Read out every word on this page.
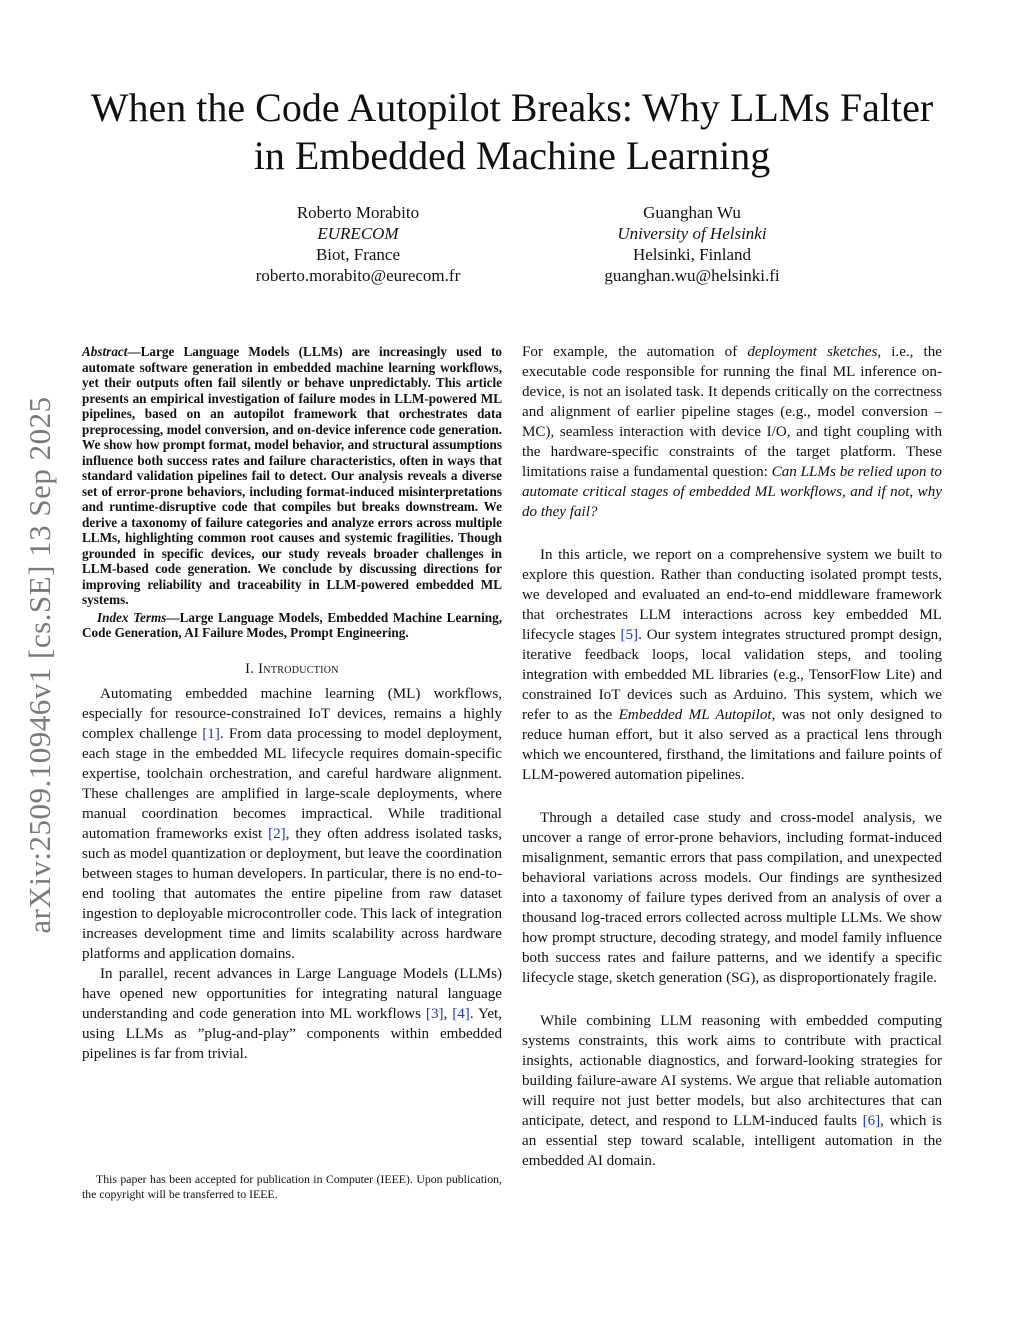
When the Code Autopilot Breaks: Why LLMs Falter in Embedded Machine Learning
Roberto Morabito
EURECOM
Biot, France
roberto.morabito@eurecom.fr
Guanghan Wu
University of Helsinki
Helsinki, Finland
guanghan.wu@helsinki.fi
arXiv:2509.10946v1 [cs.SE] 13 Sep 2025

Abstract—Large Language Models (LLMs) are increasingly used to automate software generation in embedded machine learning workflows, yet their outputs often fail silently or behave unpredictably. This article presents an empirical investigation of failure modes in LLM-powered ML pipelines, based on an autopilot framework that orchestrates data preprocessing, model conversion, and on-device inference code generation. We show how prompt format, model behavior, and structural assumptions influence both success rates and failure characteristics, often in ways that standard validation pipelines fail to detect. Our analysis reveals a diverse set of error-prone behaviors, including format-induced misinterpretations and runtime-disruptive code that compiles but breaks downstream. We derive a taxonomy of failure categories and analyze errors across multiple LLMs, highlighting common root causes and systemic fragilities. Though grounded in specific devices, our study reveals broader challenges in LLM-based code generation. We conclude by discussing directions for improving reliability and traceability in LLM-powered embedded ML systems.

Index Terms—Large Language Models, Embedded Machine Learning, Code Generation, AI Failure Modes, Prompt Engineering.

I. Introduction

Automating embedded machine learning (ML) workflows, especially for resource-constrained IoT devices, remains a highly complex challenge [1]. From data processing to model deployment, each stage in the embedded ML lifecycle requires domain-specific expertise, toolchain orchestration, and careful hardware alignment. These challenges are amplified in large-scale deployments, where manual coordination becomes impractical. While traditional automation frameworks exist [2], they often address isolated tasks, such as model quantization or deployment, but leave the coordination between stages to human developers. In particular, there is no end-to-end tooling that automates the entire pipeline from raw dataset ingestion to deployable microcontroller code. This lack of integration increases development time and limits scalability across hardware platforms and application domains.

In parallel, recent advances in Large Language Models (LLMs) have opened new opportunities for integrating natural language understanding and code generation into ML workflows [3], [4]. Yet, using LLMs as ”plug-and-play” components within embedded pipelines is far from trivial.

This paper has been accepted for publication in Computer (IEEE). Upon publication, the copyright will be transferred to IEEE.

For example, the automation of deployment sketches, i.e., the executable code responsible for running the final ML inference on-device, is not an isolated task. It depends critically on the correctness and alignment of earlier pipeline stages (e.g., model conversion – MC), seamless interaction with device I/O, and tight coupling with the hardware-specific constraints of the target platform. These limitations raise a fundamental question: Can LLMs be relied upon to automate critical stages of embedded ML workflows, and if not, why do they fail?

In this article, we report on a comprehensive system we built to explore this question. Rather than conducting isolated prompt tests, we developed and evaluated an end-to-end middleware framework that orchestrates LLM interactions across key embedded ML lifecycle stages [5]. Our system integrates structured prompt design, iterative feedback loops, local validation steps, and tooling integration with embedded ML libraries (e.g., TensorFlow Lite) and constrained IoT devices such as Arduino. This system, which we refer to as the Embedded ML Autopilot, was not only designed to reduce human effort, but it also served as a practical lens through which we encountered, firsthand, the limitations and failure points of LLM-powered automation pipelines.

Through a detailed case study and cross-model analysis, we uncover a range of error-prone behaviors, including format-induced misalignment, semantic errors that pass compilation, and unexpected behavioral variations across models. Our findings are synthesized into a taxonomy of failure types derived from an analysis of over a thousand log-traced errors collected across multiple LLMs. We show how prompt structure, decoding strategy, and model family influence both success rates and failure patterns, and we identify a specific lifecycle stage, sketch generation (SG), as disproportionately fragile.

While combining LLM reasoning with embedded computing systems constraints, this work aims to contribute with practical insights, actionable diagnostics, and forward-looking strategies for building failure-aware AI systems. We argue that reliable automation will require not just better models, but also architectures that can anticipate, detect, and respond to LLM-induced faults [6], which is an essential step toward scalable, intelligent automation in the embedded AI domain.
